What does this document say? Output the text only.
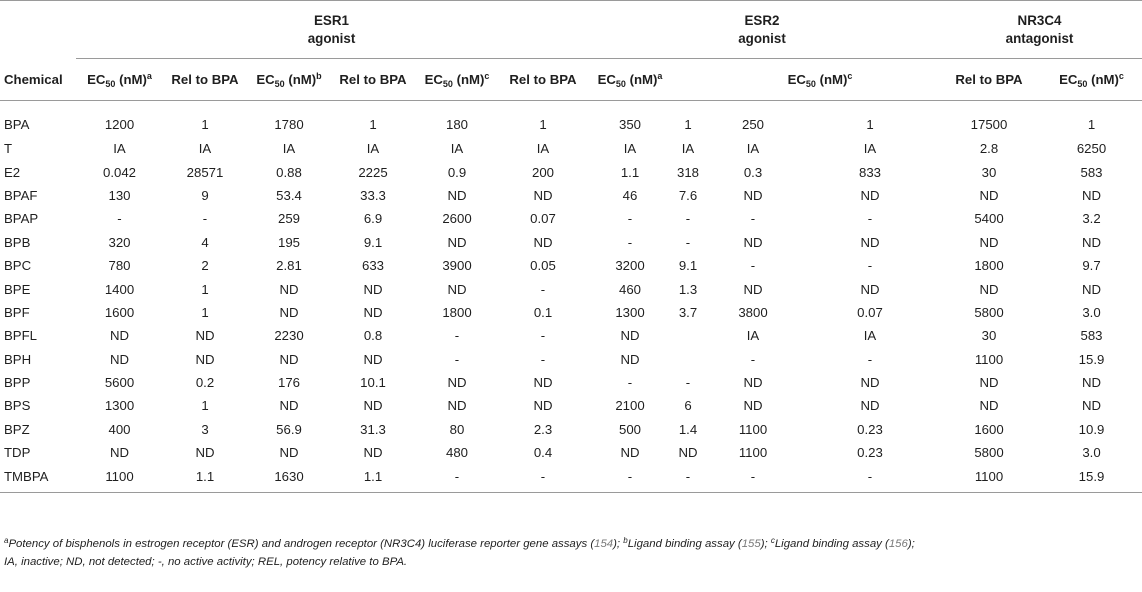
	ESR1
agonist						ESR2
agonist				NR3C4
antagonist		

Chemical	$EC_{50}$ (nM)$^a$	Rel to BPA	$EC_{50}$ (nM)$^b$	Rel to BPA	$EC_{50}$ (nM)$^c$	Rel to BPA	$EC_{50}$ (nM)$^a$		$EC_{50}$ (nM)$^c$		Rel to BPA	$EC_{50}$ (nM)$^c$	
BPA	1200	1	1780	1	180	1	350	1	250	1	17500	1	
T	IA	IA	IA	IA	IA	IA	IA	IA	IA	IA	2.8	6250	
E2	0.042	28571	0.88	2225	0.9	200	1.1	318	0.3	833	30	583	
BPAF	130	9	53.4	33.3	ND	ND	46	7.6	ND	ND	ND	ND	
BPAP	-	-	259	6.9	2600	0.07	-	-	-	-	5400	3.2	
BPB	320	4	195	9.1	ND	ND	-	-	ND	ND	ND	ND	
BPC	780	2	2.81	633	3900	0.05	3200	9.1	-	-	1800	9.7	
BPE	1400	1	ND	ND	ND	-	460	1.3	ND	ND	ND	ND	
BPF	1600	1	ND	ND	1800	0.1	1300	3.7	3800	0.07	5800	3.0	
BPFL	ND	ND	2230	0.8	-	-	ND		IA	IA	30	583	
BPH	ND	ND	ND	ND	-	-	ND		-	-	1100	15.9	
BPP	5600	0.2	176	10.1	ND	ND	-	-	ND	ND	ND	ND	
BPS	1300	1	ND	ND	ND	ND	2100	6	ND	ND	ND	ND	
BPZ	400	3	56.9	31.3	80	2.3	500	1.4	1100	0.23	1600	10.9	
TDP	ND	ND	ND	ND	480	0.4	ND	ND	1100	0.23	5800	3.0	
TMBPA	1100	1.1	1630	1.1	-	-	-	-	-	-	1100	15.9	
$^a$Potency of bisphenols in estrogen receptor (ESR) and androgen receptor (NR3C4) luciferase reporter gene assays (154); $^b$Ligand binding assay (155); $^c$Ligand binding assay (156);
IA, inactive; ND, not detected; -, no active activity; REL, potency relative to BPA.
